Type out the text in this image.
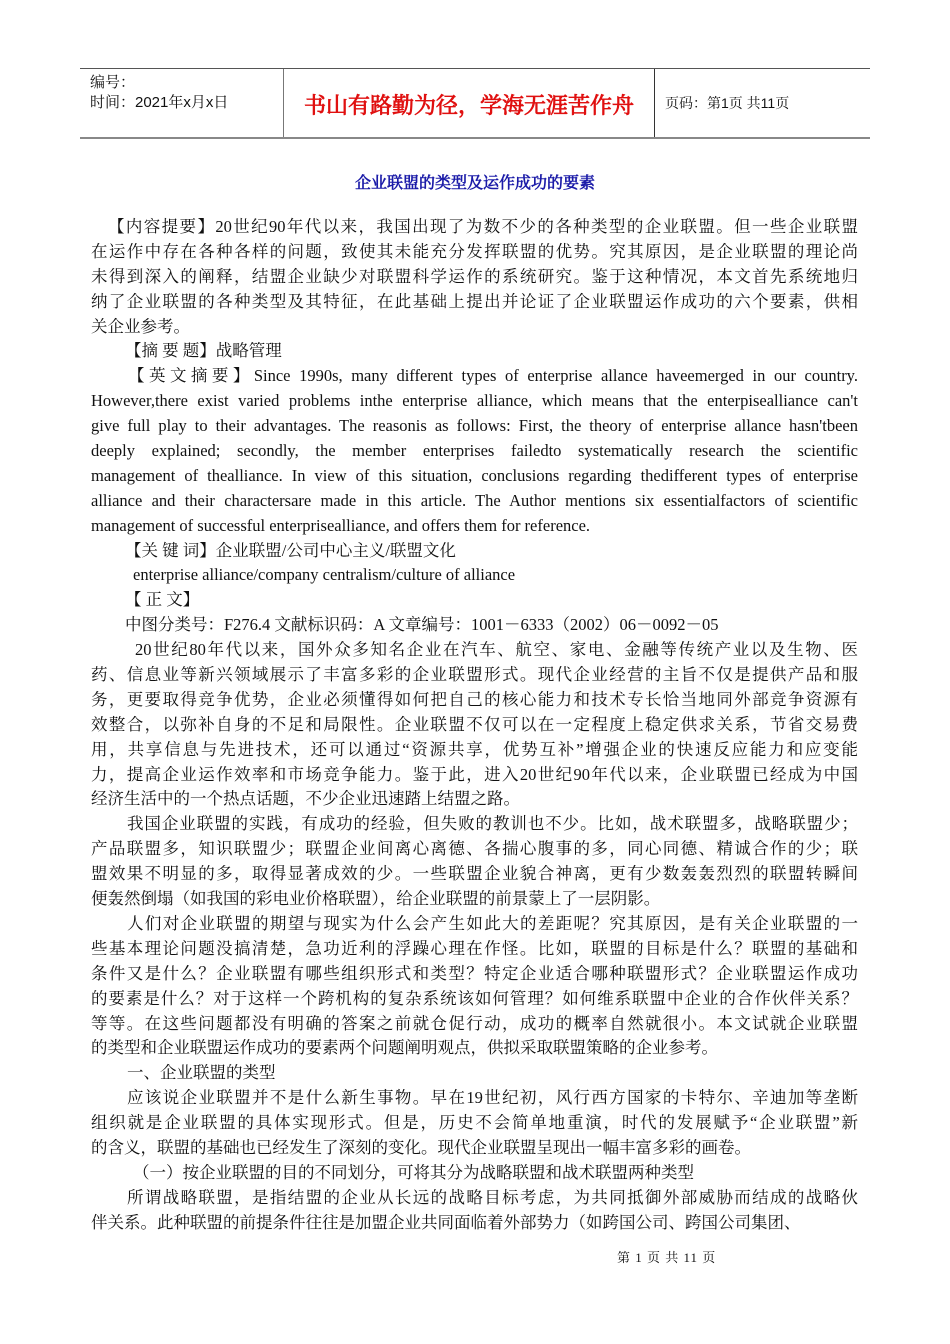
编号：
时间：2021年x月x日	书山有路勤为径，学海无涯苦作舟	页码：第1页 共11页
企业联盟的类型及运作成功的要素
【内容提要】20世纪90年代以来，我国出现了为数不少的各种类型的企业联盟。但一些企业联盟
在运作中存在各种各样的问题，致使其未能充分发挥联盟的优势。究其原因，是企业联盟的理论尚
未得到深入的阐释，结盟企业缺少对联盟科学运作的系统研究。鉴于这种情况，本文首先系统地归
纳了企业联盟的各种类型及其特征，在此基础上提出并论证了企业联盟运作成功的六个要素，供相
关企业参考。
【摘 要 题】战略管理
【英文摘要】Since 1990s, many different types of enterprise allance haveemerged in our country.
However,there exist varied problems inthe enterprise alliance, which means that the enterpisealliance can't
give full play to their advantages. The reasonis as follows: First, the theory of enterprise allance hasn'tbeen
deeply explained; secondly, the member enterprises failedto systematically research the scientific
management of thealliance. In view of this situation, conclusions regarding thedifferent types of enterprise
alliance and their charactersare made in this article. The Author mentions six essentialfactors of scientific
management of successful enterprisealliance, and offers them for reference.
【关 键 词】企业联盟/公司中心主义/联盟文化
enterprise alliance/company centralism/culture of alliance
【 正 文】
中图分类号：F276.4 文献标识码：A 文章编号：1001－6333（2002）06－0092－05
20世纪80年代以来，国外众多知名企业在汽车、航空、家电、金融等传统产业以及生物、医
药、信息业等新兴领域展示了丰富多彩的企业联盟形式。现代企业经营的主旨不仅是提供产品和服
务，更要取得竞争优势，企业必须懂得如何把自己的核心能力和技术专长恰当地同外部竞争资源有
效整合，以弥补自身的不足和局限性。企业联盟不仅可以在一定程度上稳定供求关系，节省交易费
用，共享信息与先进技术，还可以通过“资源共享，优势互补”增强企业的快速反应能力和应变能
力，提高企业运作效率和市场竞争能力。鉴于此，进入20世纪90年代以来，企业联盟已经成为中国
经济生活中的一个热点话题，不少企业迅速踏上结盟之路。
我国企业联盟的实践，有成功的经验，但失败的教训也不少。比如，战术联盟多，战略联盟少；
产品联盟多，知识联盟少；联盟企业间离心离德、各揣心腹事的多，同心同德、精诚合作的少；联
盟效果不明显的多，取得显著成效的少。一些联盟企业貌合神离，更有少数轰轰烈烈的联盟转瞬间
便轰然倒塌（如我国的彩电业价格联盟），给企业联盟的前景蒙上了一层阴影。
人们对企业联盟的期望与现实为什么会产生如此大的差距呢？究其原因，是有关企业联盟的一
些基本理论问题没搞清楚，急功近利的浮躁心理在作怪。比如，联盟的目标是什么？联盟的基础和
条件又是什么？企业联盟有哪些组织形式和类型？特定企业适合哪种联盟形式？企业联盟运作成功
的要素是什么？对于这样一个跨机构的复杂系统该如何管理？如何维系联盟中企业的合作伙伴关系？
等等。在这些问题都没有明确的答案之前就仓促行动，成功的概率自然就很小。本文试就企业联盟
的类型和企业联盟运作成功的要素两个问题阐明观点，供拟采取联盟策略的企业参考。
一、企业联盟的类型
应该说企业联盟并不是什么新生事物。早在19世纪初，风行西方国家的卡特尔、辛迪加等垄断
组织就是企业联盟的具体实现形式。但是，历史不会简单地重演，时代的发展赋予“企业联盟”新
的含义，联盟的基础也已经发生了深刻的变化。现代企业联盟呈现出一幅丰富多彩的画卷。
（一）按企业联盟的目的不同划分，可将其分为战略联盟和战术联盟两种类型
所谓战略联盟，是指结盟的企业从长远的战略目标考虑，为共同抵御外部威胁而结成的战略伙
伴关系。此种联盟的前提条件往往是加盟企业共同面临着外部势力（如跨国公司、跨国公司集团、
第 1 页 共 11 页
